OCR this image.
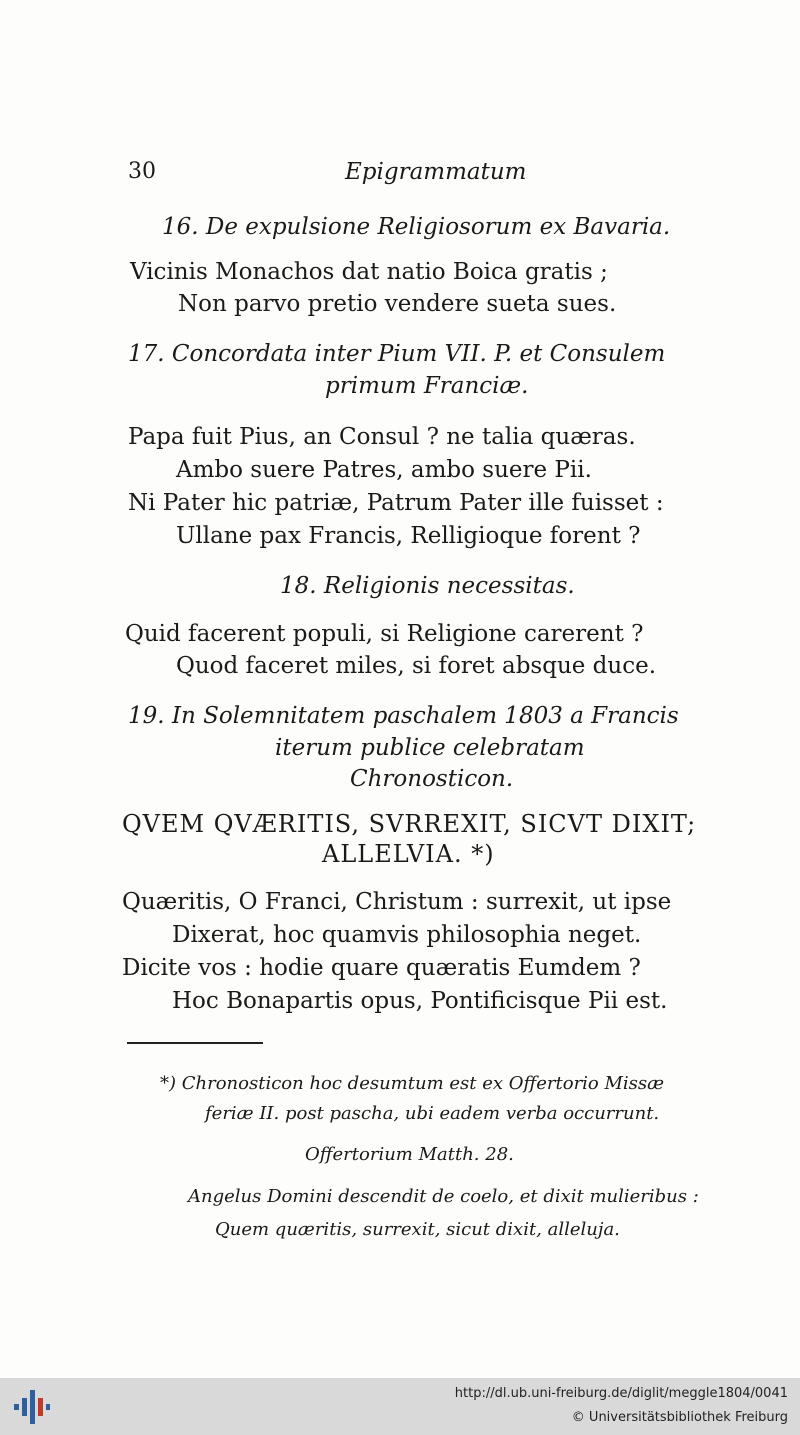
30	Epigrammatum
16. De expulsione Religiosorum ex Bavaria.
Vicinis Monachos dat natio Boica gratis ;
Non parvo pretio vendere sueta sues.
17. Concordata inter Pium VII. P. et Consulem
primum Franciæ.
Papa fuit Pius, an Consul ? ne talia quæras.
Ambo suere Patres, ambo suere Pii.
Ni Pater hic patriæ, Patrum Pater ille fuisset :
Ullane pax Francis, Relligioque forent ?
18. Religionis necessitas.
Quid facerent populi, si Religione carerent ?
Quod faceret miles, si foret absque duce.
19. In Solemnitatem paschalem 1803 a Francis
iterum publice celebratam
Chronosticon.
QVEM QVÆRITIS, SVRREXIT, SICVT DIXIT;
ALLELVIA. *)
Quæritis, O Franci, Christum : surrexit, ut ipse
Dixerat, hoc quamvis philosophia neget.
Dicite vos : hodie quare quæratis Eumdem ?
Hoc Bonapartis opus, Pontificisque Pii est.
*) Chronosticon hoc desumtum est ex Offertorio Missæ
feriæ II. post pascha, ubi eadem verba occurrunt.
Offertorium Matth. 28.
Angelus Domini descendit de coelo, et dixit mulieribus :
Quem quæritis, surrexit, sicut dixit, alleluja.
http://dl.ub.uni-freiburg.de/diglit/meggle1804/0041
© Universitätsbibliothek Freiburg
